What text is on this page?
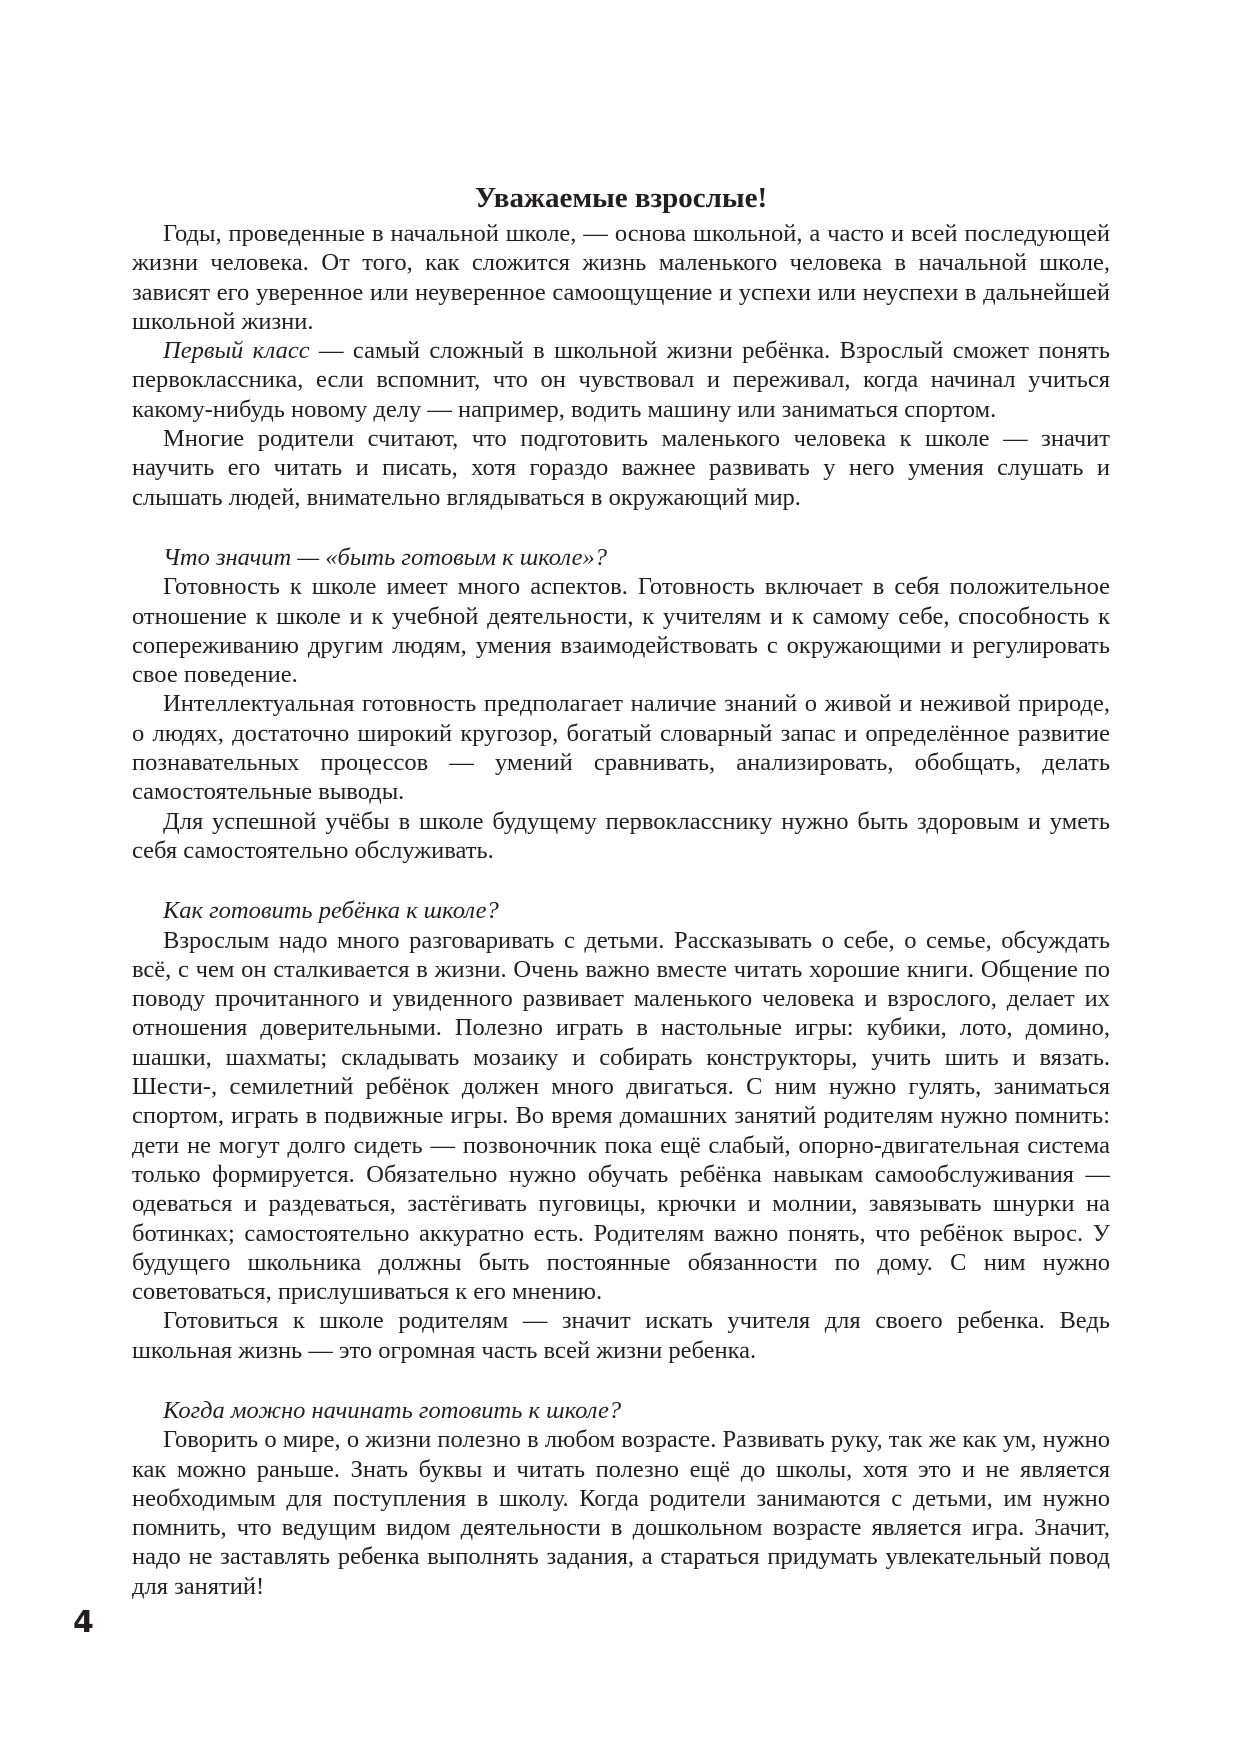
Уважаемые взрослые!

Годы, проведенные в начальной школе, — основа школьной, а часто и всей последующей жизни человека. От того, как сложится жизнь маленького человека в начальной школе, зависят его уверенное или неуверенное самоощущение и успехи или неуспехи в дальнейшей школьной жизни.

Первый класс — самый сложный в школьной жизни ребёнка. Взрослый сможет понять первоклассника, если вспомнит, что он чувствовал и переживал, когда начинал учиться какому-нибудь новому делу — например, водить машину или заниматься спортом.

Многие родители считают, что подготовить маленького человека к школе — значит научить его читать и писать, хотя гораздо важнее развивать у него умения слушать и слышать людей, внимательно вглядываться в окружающий мир.

Что значит — «быть готовым к школе»?

Готовность к школе имеет много аспектов. Готовность включает в себя положительное отношение к школе и к учебной деятельности, к учителям и к самому себе, способность к сопереживанию другим людям, умения взаимодействовать с окружающими и регулировать свое поведение.

Интеллектуальная готовность предполагает наличие знаний о живой и неживой природе, о людях, достаточно широкий кругозор, богатый словарный запас и определённое развитие познавательных процессов — умений сравнивать, анализировать, обобщать, делать самостоятельные выводы.

Для успешной учёбы в школе будущему первокласснику нужно быть здоровым и уметь себя самостоятельно обслуживать.

Как готовить ребёнка к школе?

Взрослым надо много разговаривать с детьми. Рассказывать о себе, о семье, обсуждать всё, с чем он сталкивается в жизни. Очень важно вместе читать хорошие книги. Общение по поводу прочитанного и увиденного развивает маленького человека и взрослого, делает их отношения доверительными. Полезно играть в настольные игры: кубики, лото, домино, шашки, шахматы; складывать мозаику и собирать конструкторы, учить шить и вязать. Шести-, семилетний ребёнок должен много двигаться. С ним нужно гулять, заниматься спортом, играть в подвижные игры. Во время домашних занятий родителям нужно помнить: дети не могут долго сидеть — позвоночник пока ещё слабый, опорно-двигательная система только формируется. Обязательно нужно обучать ребёнка навыкам самообслуживания — одеваться и раздеваться, застёгивать пуговицы, крючки и молнии, завязывать шнурки на ботинках; самостоятельно аккуратно есть. Родителям важно понять, что ребёнок вырос. У будущего школьника должны быть постоянные обязанности по дому. С ним нужно советоваться, прислушиваться к его мнению.

Готовиться к школе родителям — значит искать учителя для своего ребенка. Ведь школьная жизнь — это огромная часть всей жизни ребенка.

Когда можно начинать готовить к школе?

Говорить о мире, о жизни полезно в любом возрасте. Развивать руку, так же как ум, нужно как можно раньше. Знать буквы и читать полезно ещё до школы, хотя это и не является необходимым для поступления в школу. Когда родители занимаются с детьми, им нужно помнить, что ведущим видом деятельности в дошкольном возрасте является игра. Значит, надо не заставлять ребенка выполнять задания, а стараться придумать увлекательный повод для занятий!

4
